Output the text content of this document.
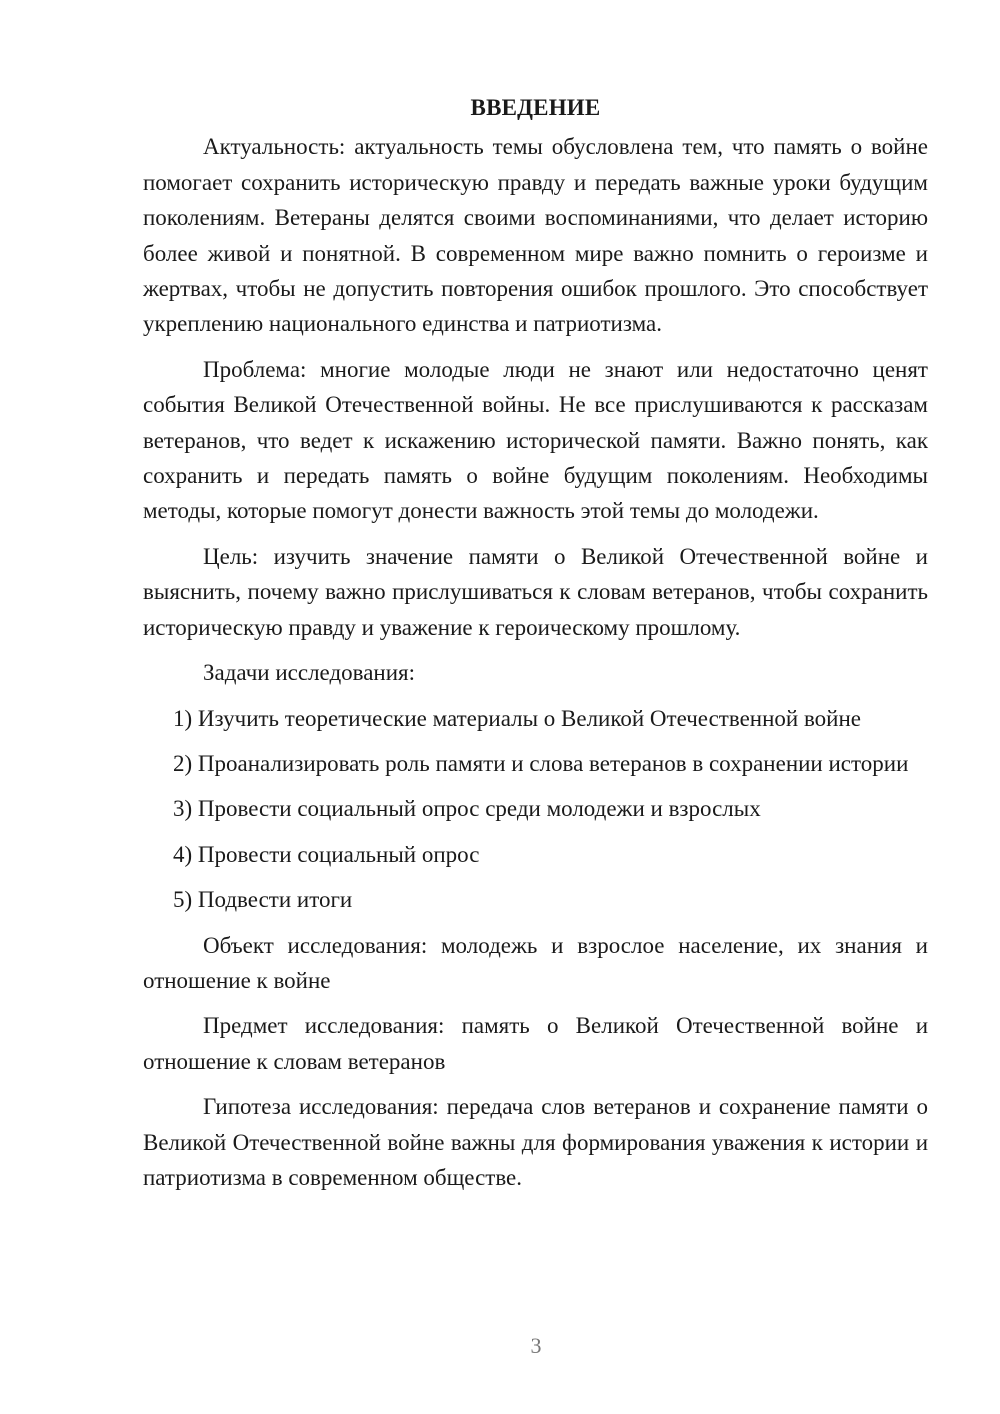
ВВЕДЕНИЕ

Актуальность: актуальность темы обусловлена тем, что память о войне помогает сохранить историческую правду и передать важные уроки будущим поколениям. Ветераны делятся своими воспоминаниями, что делает историю более живой и понятной. В современном мире важно помнить о героизме и жертвах, чтобы не допустить повторения ошибок прошлого. Это способствует укреплению национального единства и патриотизма.

Проблема: многие молодые люди не знают или недостаточно ценят события Великой Отечественной войны. Не все прислушиваются к рассказам ветеранов, что ведет к искажению исторической памяти. Важно понять, как сохранить и передать память о войне будущим поколениям. Необходимы методы, которые помогут донести важность этой темы до молодежи.

Цель: изучить значение памяти о Великой Отечественной войне и выяснить, почему важно прислушиваться к словам ветеранов, чтобы сохранить историческую правду и уважение к героическому прошлому.

Задачи исследования:

1) Изучить теоретические материалы о Великой Отечественной войне

2) Проанализировать роль памяти и слова ветеранов в сохранении истории

3) Провести социальный опрос среди молодежи и взрослых

4) Провести социальный опрос

5) Подвести итоги

Объект исследования: молодежь и взрослое население, их знания и отношение к войне

Предмет исследования: память о Великой Отечественной войне и отношение к словам ветеранов

Гипотеза исследования: передача слов ветеранов и сохранение памяти о Великой Отечественной войне важны для формирования уважения к истории и патриотизма в современном обществе.

3
